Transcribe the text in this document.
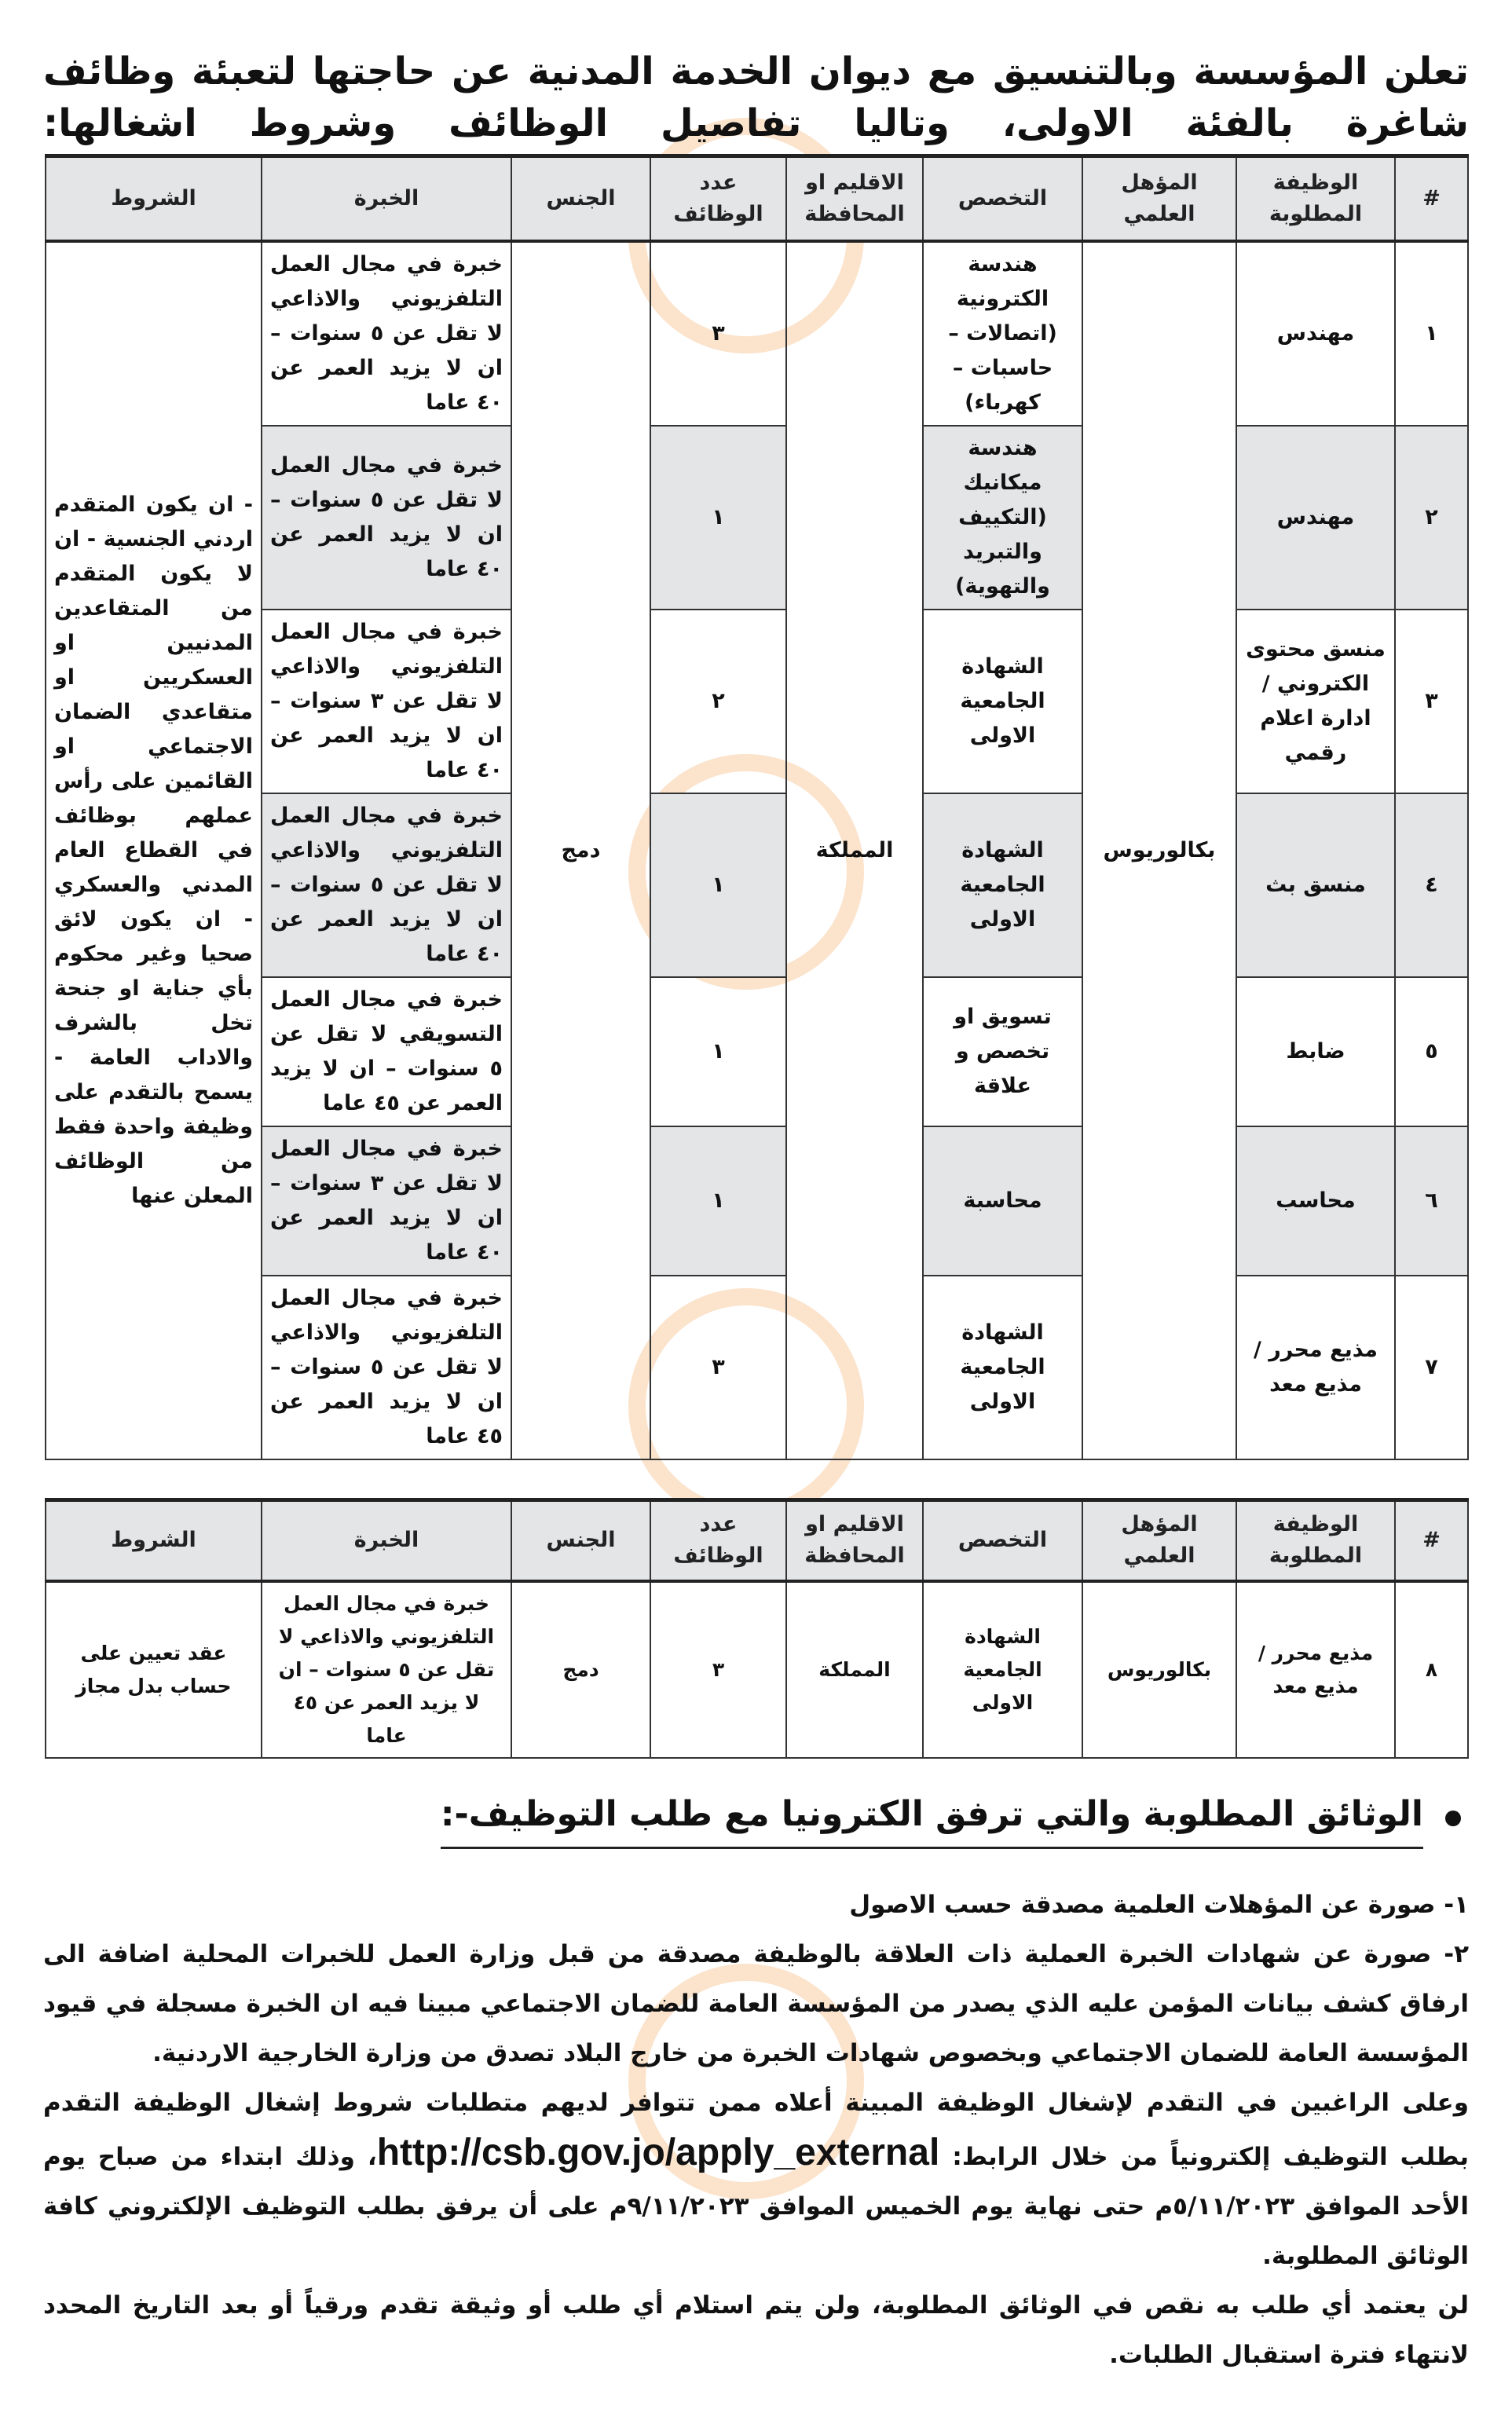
تعلن المؤسسة وبالتنسيق مع ديوان الخدمة المدنية عن حاجتها لتعبئة وظائف شاغرة بالفئة الاولى، وتاليا تفاصيل الوظائف وشروط اشغالها:
#	الوظيفة المطلوبة	المؤهل العلمي	التخصص	الاقليم او المحافظة	عدد الوظائف	الجنس	الخبرة	الشروط
١	مهندس	بكالوريوس	هندسة الكترونية (اتصالات – حاسبات – كهرباء)	المملكة	٣	دمج	خبرة في مجال العمل التلفزيوني والاذاعي لا تقل عن ٥ سنوات – ان لا يزيد العمر عن ٤٠ عاما	- ان يكون المتقدم اردني الجنسية - ان لا يكون المتقدم من المتقاعدين المدنيين او العسكريين او متقاعدي الضمان الاجتماعي او القائمين على رأس عملهم بوظائف في القطاع العام المدني والعسكري - ان يكون لائق صحيا وغير محكوم بأي جناية او جنحة تخل بالشرف والاداب العامة - يسمح بالتقدم على وظيفة واحدة فقط من الوظائف المعلن عنها
٢	مهندس		هندسة ميكانيك (التكييف والتبريد والتهوية)		١		خبرة في مجال العمل لا تقل عن ٥ سنوات – ان لا يزيد العمر عن ٤٠ عاما	
٣	منسق محتوى الكتروني / ادارة اعلام رقمي		الشهادة الجامعية الاولى		٢		خبرة في مجال العمل التلفزيوني والاذاعي لا تقل عن ٣ سنوات – ان لا يزيد العمر عن ٤٠ عاما	
٤	منسق بث		الشهادة الجامعية الاولى		١		خبرة في مجال العمل التلفزيوني والاذاعي لا تقل عن ٥ سنوات – ان لا يزيد العمر عن ٤٠ عاما	
٥	ضابط		تسويق او تخصص و علاقة		١		خبرة في مجال العمل التسويقي لا تقل عن ٥ سنوات – ان لا يزيد العمر عن ٤٥ عاما	
٦	محاسب		محاسبة		١		خبرة في مجال العمل لا تقل عن ٣ سنوات – ان لا يزيد العمر عن ٤٠ عاما	
٧	مذيع محرر / مذيع معد		الشهادة الجامعية الاولى		٣		خبرة في مجال العمل التلفزيوني والاذاعي لا تقل عن ٥ سنوات – ان لا يزيد العمر عن ٤٥ عاما	
#	الوظيفة المطلوبة	المؤهل العلمي	التخصص	الاقليم او المحافظة	عدد الوظائف	الجنس	الخبرة	الشروط
٨	مذيع محرر / مذيع معد	بكالوريوس	الشهادة الجامعية الاولى	المملكة	٣	دمج	خبرة في مجال العمل التلفزيوني والاذاعي لا تقل عن ٥ سنوات – ان لا يزيد العمر عن ٤٥ عاما	عقد تعيين على حساب بدل مجاز
الوثائق المطلوبة والتي ترفق الكترونيا مع طلب التوظيف-:

١- صورة عن المؤهلات العلمية مصدقة حسب الاصول

٢- صورة عن شهادات الخبرة العملية ذات العلاقة بالوظيفة مصدقة من قبل وزارة العمل للخبرات المحلية اضافة الى ارفاق كشف بيانات المؤمن عليه الذي يصدر من المؤسسة العامة للضمان الاجتماعي مبينا فيه ان الخبرة مسجلة في قيود المؤسسة العامة للضمان الاجتماعي وبخصوص شهادات الخبرة من خارج البلاد تصدق من وزارة الخارجية الاردنية.

وعلى الراغبين في التقدم لإشغال الوظيفة المبينة أعلاه ممن تتوافر لديهم متطلبات شروط إشغال الوظيفة التقدم بطلب التوظيف إلكترونياً من خلال الرابط: http://csb.gov.jo/apply_external، وذلك ابتداء من صباح يوم الأحد الموافق ٥/١١/٢٠٢٣م حتى نهاية يوم الخميس الموافق ٩/١١/٢٠٢٣م على أن يرفق بطلب التوظيف الإلكتروني كافة الوثائق المطلوبة.

لن يعتمد أي طلب به نقص في الوثائق المطلوبة، ولن يتم استلام أي طلب أو وثيقة تقدم ورقياً أو بعد التاريخ المحدد لانتهاء فترة استقبال الطلبات.
